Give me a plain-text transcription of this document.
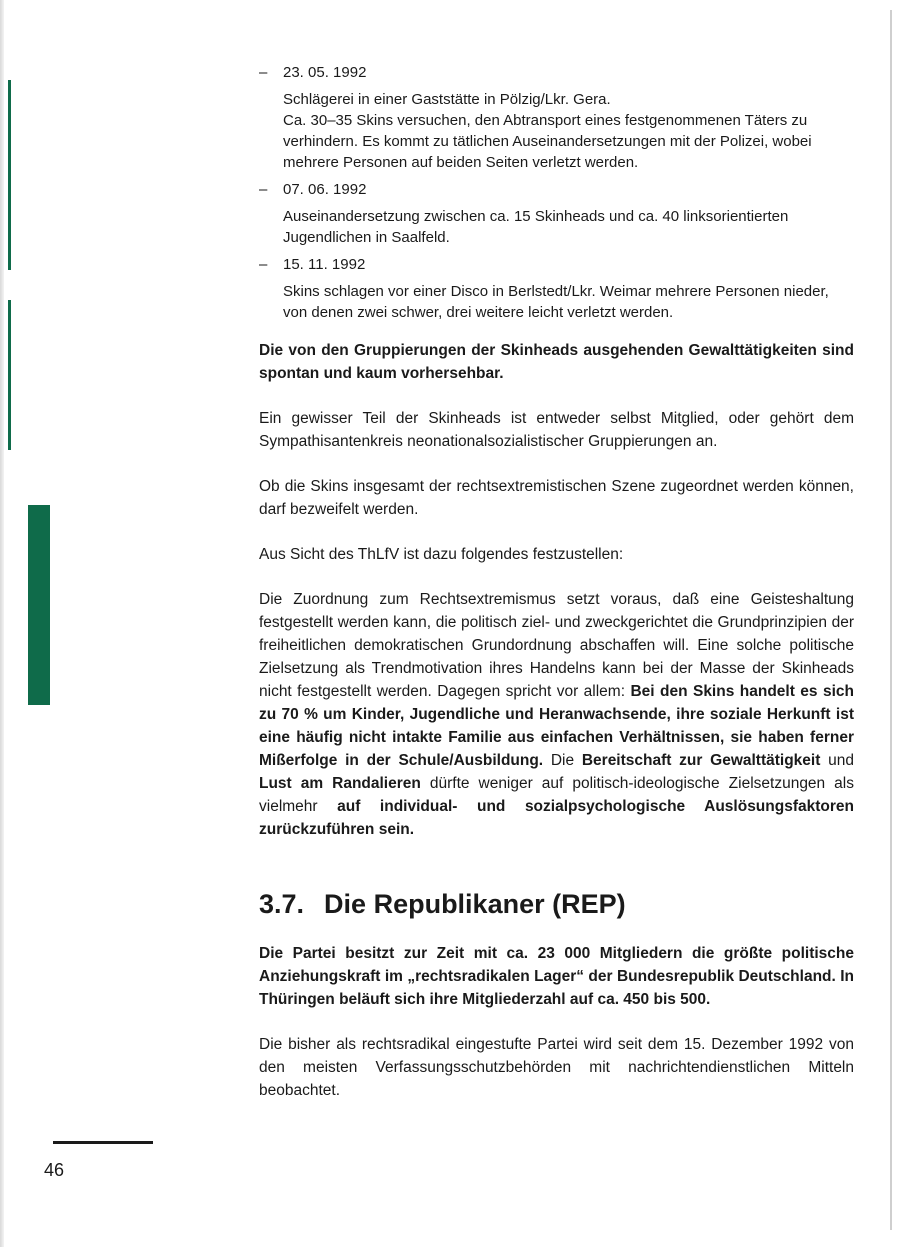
–	23. 05. 1992
Schlägerei in einer Gaststätte in Pölzig/Lkr. Gera.
Ca. 30–35 Skins versuchen, den Abtransport eines festgenommenen Täters zu verhindern. Es kommt zu tätlichen Auseinandersetzungen mit der Polizei, wobei mehrere Personen auf beiden Seiten verletzt werden.
–	07. 06. 1992
Auseinandersetzung zwischen ca. 15 Skinheads und ca. 40 linksorientierten Jugendlichen in Saalfeld.
–	15. 11. 1992
Skins schlagen vor einer Disco in Berlstedt/Lkr. Weimar mehrere Personen nieder, von denen zwei schwer, drei weitere leicht verletzt werden.

Die von den Gruppierungen der Skinheads ausgehenden Gewalttätigkeiten sind spontan und kaum vorhersehbar.

Ein gewisser Teil der Skinheads ist entweder selbst Mitglied, oder gehört dem Sympathisantenkreis neonationalsozialistischer Gruppierungen an.

Ob die Skins insgesamt der rechtsextremistischen Szene zugeordnet werden können, darf bezweifelt werden.

Aus Sicht des ThLfV ist dazu folgendes festzustellen:

Die Zuordnung zum Rechtsextremismus setzt voraus, daß eine Geisteshaltung festgestellt werden kann, die politisch ziel- und zweckgerichtet die Grundprinzipien der freiheitlichen demokratischen Grundordnung abschaffen will. Eine solche politische Zielsetzung als Trendmotivation ihres Handelns kann bei der Masse der Skinheads nicht festgestellt werden. Dagegen spricht vor allem: Bei den Skins handelt es sich zu 70 % um Kinder, Jugendliche und Heranwachsende, ihre soziale Herkunft ist eine häufig nicht intakte Familie aus einfachen Verhältnissen, sie haben ferner Mißerfolge in der Schule/Ausbildung. Die Bereitschaft zur Gewalttätigkeit und Lust am Randalieren dürfte weniger auf politisch-ideologische Zielsetzungen als vielmehr auf individual- und sozialpsychologische Auslösungsfaktoren zurückzuführen sein.

3.7. Die Republikaner (REP)

Die Partei besitzt zur Zeit mit ca. 23 000 Mitgliedern die größte politische Anziehungskraft im „rechtsradikalen Lager“ der Bundesrepublik Deutschland. In Thüringen beläuft sich ihre Mitgliederzahl auf ca. 450 bis 500.

Die bisher als rechtsradikal eingestufte Partei wird seit dem 15. Dezember 1992 von den meisten Verfassungsschutzbehörden mit nachrichtendienstlichen Mitteln beobachtet.

46
